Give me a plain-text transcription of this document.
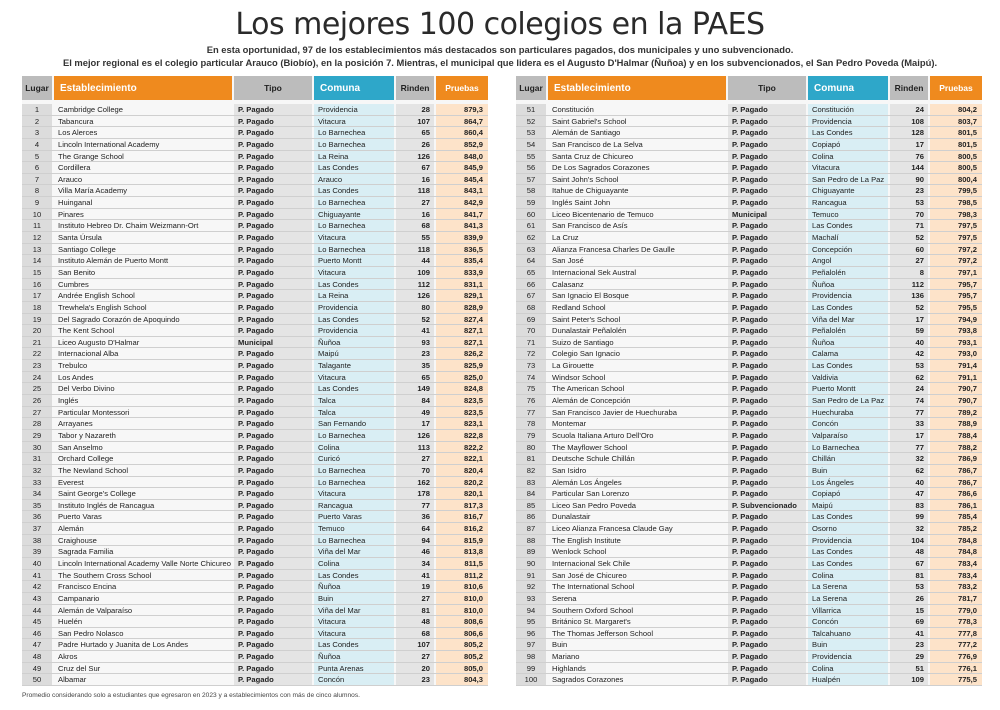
Los mejores 100 colegios en la PAES
En esta oportunidad, 97 de los establecimientos más destacados son particulares pagados, dos municipales y uno subvencionado.
El mejor regional es el colegio particular Arauco (Biobío), en la posición 7. Mientras, el municipal que lidera es el Augusto D'Halmar (Ñuñoa) y en los subvencionados, el San Pedro Poveda (Maipú).
Lugar	Establecimiento	Tipo	Comuna	Rinden	Pruebas
1	Cambridge College	P. Pagado	Providencia	28	879,3
2	Tabancura	P. Pagado	Vitacura	107	864,7
3	Los Alerces	P. Pagado	Lo Barnechea	65	860,4
4	Lincoln International Academy	P. Pagado	Lo Barnechea	26	852,9
5	The Grange School	P. Pagado	La Reina	126	848,0
6	Cordillera	P. Pagado	Las Condes	67	845,9
7	Arauco	P. Pagado	Arauco	16	845,4
8	Villa María Academy	P. Pagado	Las Condes	118	843,1
9	Huinganal	P. Pagado	Lo Barnechea	27	842,9
10	Pinares	P. Pagado	Chiguayante	16	841,7
11	Instituto Hebreo Dr. Chaim Weizmann-Ort	P. Pagado	Lo Barnechea	68	841,3
12	Santa Úrsula	P. Pagado	Vitacura	55	839,9
13	Santiago College	P. Pagado	Lo Barnechea	118	836,5
14	Instituto Alemán de Puerto Montt	P. Pagado	Puerto Montt	44	835,4
15	San Benito	P. Pagado	Vitacura	109	833,9
16	Cumbres	P. Pagado	Las Condes	112	831,1
17	Andrée English School	P. Pagado	La Reina	126	829,1
18	Trewhela's English School	P. Pagado	Providencia	80	828,9
19	Del Sagrado Corazón de Apoquindo	P. Pagado	Las Condes	52	827,4
20	The Kent School	P. Pagado	Providencia	41	827,1
21	Liceo Augusto D'Halmar	Municipal	Ñuñoa	93	827,1
22	Internacional Alba	P. Pagado	Maipú	23	826,2
23	Trebulco	P. Pagado	Talagante	35	825,9
24	Los Andes	P. Pagado	Vitacura	65	825,0
25	Del Verbo Divino	P. Pagado	Las Condes	149	824,8
26	Inglés	P. Pagado	Talca	84	823,5
27	Particular Montessori	P. Pagado	Talca	49	823,5
28	Arrayanes	P. Pagado	San Fernando	17	823,1
29	Tabor y Nazareth	P. Pagado	Lo Barnechea	126	822,8
30	San Anselmo	P. Pagado	Colina	113	822,2
31	Orchard College	P. Pagado	Curicó	27	822,1
32	The Newland School	P. Pagado	Lo Barnechea	70	820,4
33	Everest	P. Pagado	Lo Barnechea	162	820,2
34	Saint George's College	P. Pagado	Vitacura	178	820,1
35	Instituto Inglés de Rancagua	P. Pagado	Rancagua	77	817,3
36	Puerto Varas	P. Pagado	Puerto Varas	36	816,7
37	Alemán	P. Pagado	Temuco	64	816,2
38	Craighouse	P. Pagado	Lo Barnechea	94	815,9
39	Sagrada Familia	P. Pagado	Viña del Mar	46	813,8
40	Lincoln International Academy Valle Norte Chicureo P. Pagado	Colina	34	811,5
41	The Southern Cross School	P. Pagado	Las Condes	41	811,2
42	Francisco Encina	P. Pagado	Ñuñoa	19	810,6
43	Campanario	P. Pagado	Buin	27	810,0
44	Alemán de Valparaíso	P. Pagado	Viña del Mar	81	810,0
45	Huelén	P. Pagado	Vitacura	48	808,6
46	San Pedro Nolasco	P. Pagado	Vitacura	68	806,6
47	Padre Hurtado y Juanita de Los Andes	P. Pagado	Las Condes	107	805,2
48	Akros	P. Pagado	Ñuñoa	27	805,2
49	Cruz del Sur	P. Pagado	Punta Arenas	20	805,0
50	Albamar	P. Pagado	Concón	23	804,3
Lugar	Establecimiento	Tipo	Comuna	Rinden	Pruebas
51	Constitución	P. Pagado	Constitución	24	804,2
52	Saint Gabriel's School	P. Pagado	Providencia	108	803,7
53	Alemán de Santiago	P. Pagado	Las Condes	128	801,5
54	San Francisco de La Selva	P. Pagado	Copiapó	17	801,5
55	Santa Cruz de Chicureo	P. Pagado	Colina	76	800,5
56	De Los Sagrados Corazones	P. Pagado	Vitacura	144	800,5
57	Saint John's School	P. Pagado	San Pedro de La Paz	90	800,4
58	Itahue de Chiguayante	P. Pagado	Chiguayante	23	799,5
59	Inglés Saint John	P. Pagado	Rancagua	53	798,5
60	Liceo Bicentenario de Temuco	Municipal	Temuco	70	798,3
61	San Francisco de Asís	P. Pagado	Las Condes	71	797,5
62	La Cruz	P. Pagado	Machalí	52	797,5
63	Alianza Francesa Charles De Gaulle	P. Pagado	Concepción	60	797,2
64	San José	P. Pagado	Angol	27	797,2
65	Internacional Sek Austral	P. Pagado	Peñalolén	8	797,1
66	Calasanz	P. Pagado	Ñuñoa	112	795,7
67	San Ignacio El Bosque	P. Pagado	Providencia	136	795,7
68	Redland School	P. Pagado	Las Condes	52	795,5
69	Saint Peter's School	P. Pagado	Viña del Mar	17	794,9
70	Dunalastair Peñalolén	P. Pagado	Peñalolén	59	793,8
71	Suizo de Santiago	P. Pagado	Ñuñoa	40	793,1
72	Colegio San Ignacio	P. Pagado	Calama	42	793,0
73	La Girouette	P. Pagado	Las Condes	53	791,4
74	Windsor School	P. Pagado	Valdivia	62	791,1
75	The American School	P. Pagado	Puerto Montt	24	790,7
76	Alemán de Concepción	P. Pagado	San Pedro de La Paz	74	790,7
77	San Francisco Javier de Huechuraba	P. Pagado	Huechuraba	77	789,2
78	Montemar	P. Pagado	Concón	33	788,9
79	Scuola Italiana Arturo Dell'Oro	P. Pagado	Valparaíso	17	788,4
80	The Mayflower School	P. Pagado	Lo Barnechea	77	788,2
81	Deutsche Schule Chillán	P. Pagado	Chillán	32	786,9
82	San Isidro	P. Pagado	Buin	62	786,7
83	Alemán Los Ángeles	P. Pagado	Los Ángeles	40	786,7
84	Particular San Lorenzo	P. Pagado	Copiapó	47	786,6
85	Liceo San Pedro Poveda	P. Subvencionado	Maipú	83	786,1
86	Dunalastair	P. Pagado	Las Condes	99	785,4
87	Liceo Alianza Francesa Claude Gay	P. Pagado	Osorno	32	785,2
88	The English Institute	P. Pagado	Providencia	104	784,8
89	Wenlock School	P. Pagado	Las Condes	48	784,8
90	Internacional Sek Chile	P. Pagado	Las Condes	67	783,4
91	San José de Chicureo	P. Pagado	Colina	81	783,4
92	The International School	P. Pagado	La Serena	53	783,2
93	Serena	P. Pagado	La Serena	26	781,7
94	Southern Oxford School	P. Pagado	Villarrica	15	779,0
95	Británico St. Margaret's	P. Pagado	Concón	69	778,3
96	The Thomas Jefferson School	P. Pagado	Talcahuano	41	777,8
97	Buin	P. Pagado	Buin	23	777,2
98	Mariano	P. Pagado	Providencia	29	776,9
99	Highlands	P. Pagado	Colina	51	776,1
100	Sagrados Corazones	P. Pagado	Hualpén	109	775,5
Promedio considerando solo a estudiantes que egresaron en 2023 y a establecimientos con más de cinco alumnos.
